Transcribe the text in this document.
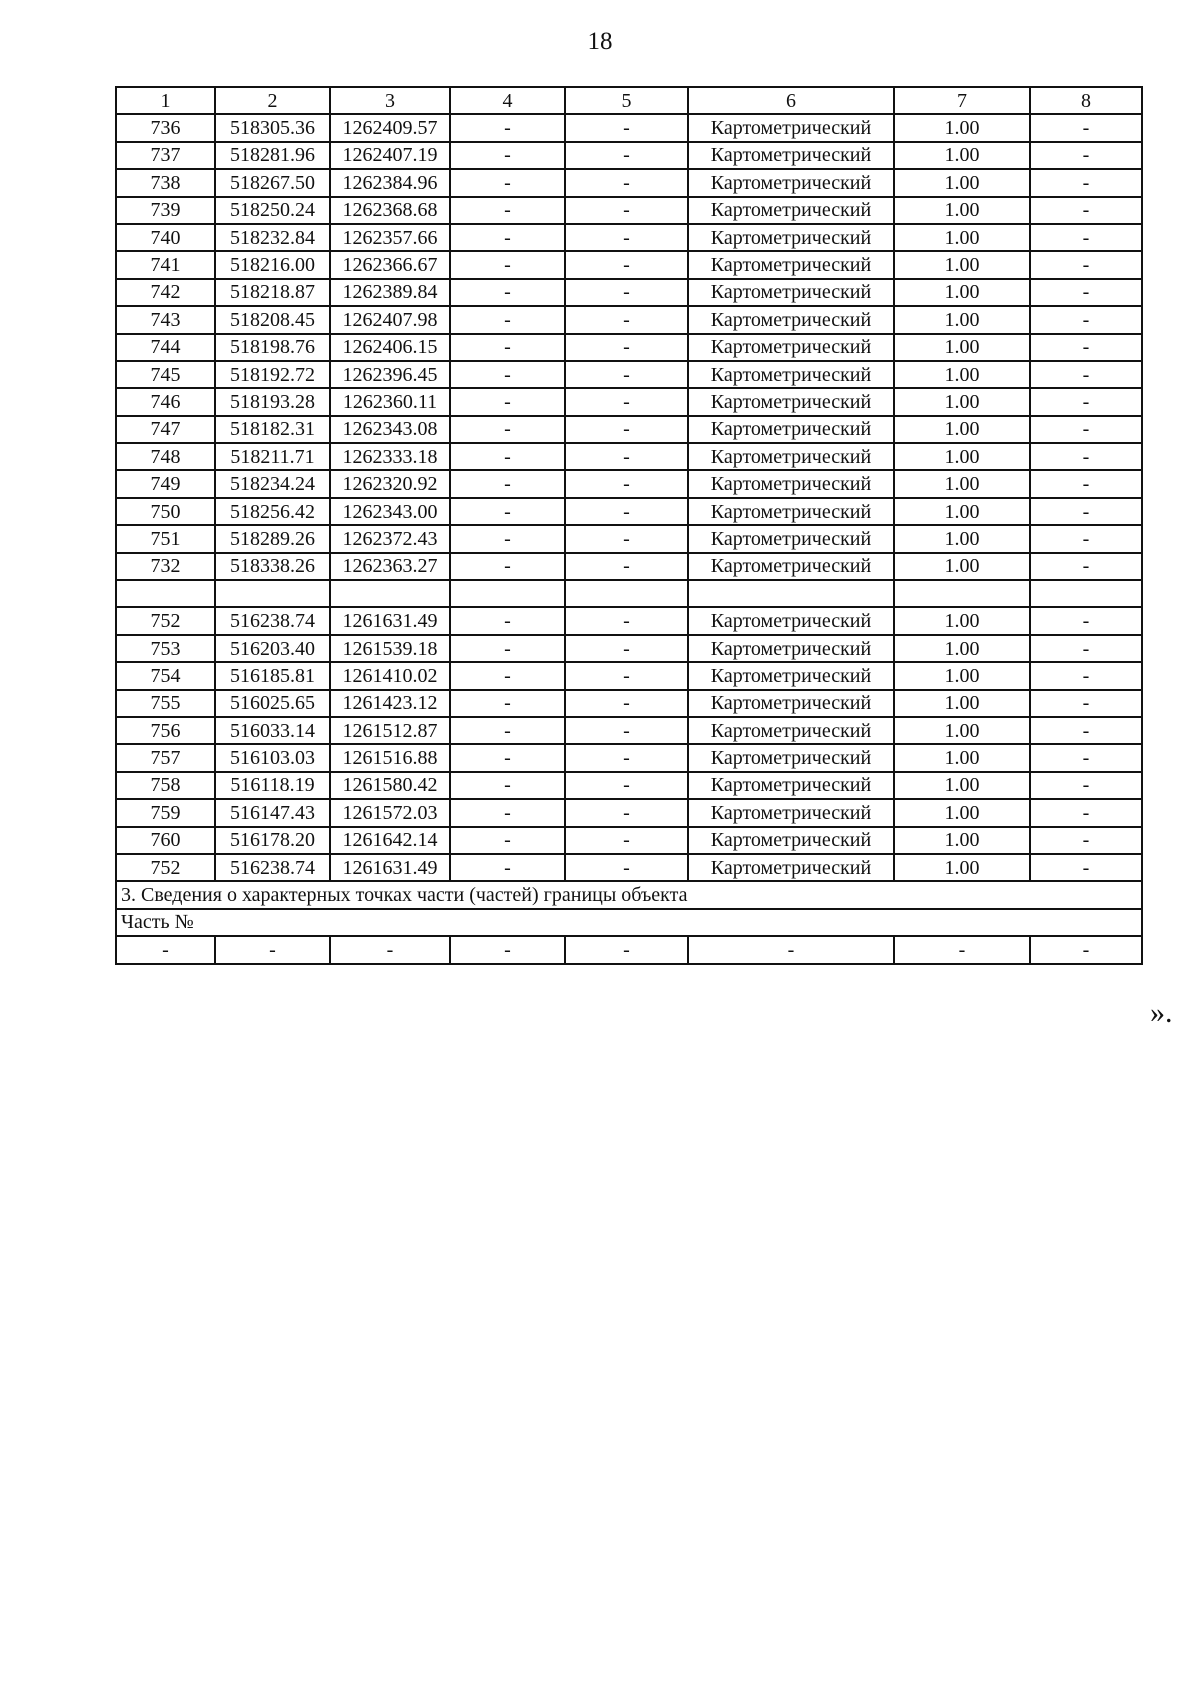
18
1	2	3	4	5	6	7	8
736	518305.36	1262409.57	-	-	Картометрический	1.00	-
737	518281.96	1262407.19	-	-	Картометрический	1.00	-
738	518267.50	1262384.96	-	-	Картометрический	1.00	-
739	518250.24	1262368.68	-	-	Картометрический	1.00	-
740	518232.84	1262357.66	-	-	Картометрический	1.00	-
741	518216.00	1262366.67	-	-	Картометрический	1.00	-
742	518218.87	1262389.84	-	-	Картометрический	1.00	-
743	518208.45	1262407.98	-	-	Картометрический	1.00	-
744	518198.76	1262406.15	-	-	Картометрический	1.00	-
745	518192.72	1262396.45	-	-	Картометрический	1.00	-
746	518193.28	1262360.11	-	-	Картометрический	1.00	-
747	518182.31	1262343.08	-	-	Картометрический	1.00	-
748	518211.71	1262333.18	-	-	Картометрический	1.00	-
749	518234.24	1262320.92	-	-	Картометрический	1.00	-
750	518256.42	1262343.00	-	-	Картометрический	1.00	-
751	518289.26	1262372.43	-	-	Картометрический	1.00	-
732	518338.26	1262363.27	-	-	Картометрический	1.00	-

752	516238.74	1261631.49	-	-	Картометрический	1.00	-
753	516203.40	1261539.18	-	-	Картометрический	1.00	-
754	516185.81	1261410.02	-	-	Картометрический	1.00	-
755	516025.65	1261423.12	-	-	Картометрический	1.00	-
756	516033.14	1261512.87	-	-	Картометрический	1.00	-
757	516103.03	1261516.88	-	-	Картометрический	1.00	-
758	516118.19	1261580.42	-	-	Картометрический	1.00	-
759	516147.43	1261572.03	-	-	Картометрический	1.00	-
760	516178.20	1261642.14	-	-	Картометрический	1.00	-
752	516238.74	1261631.49	-	-	Картометрический	1.00	-
3. Сведения о характерных точках части (частей) границы объекта							
Часть №							
-	-	-	-	-	-	-	-
».
